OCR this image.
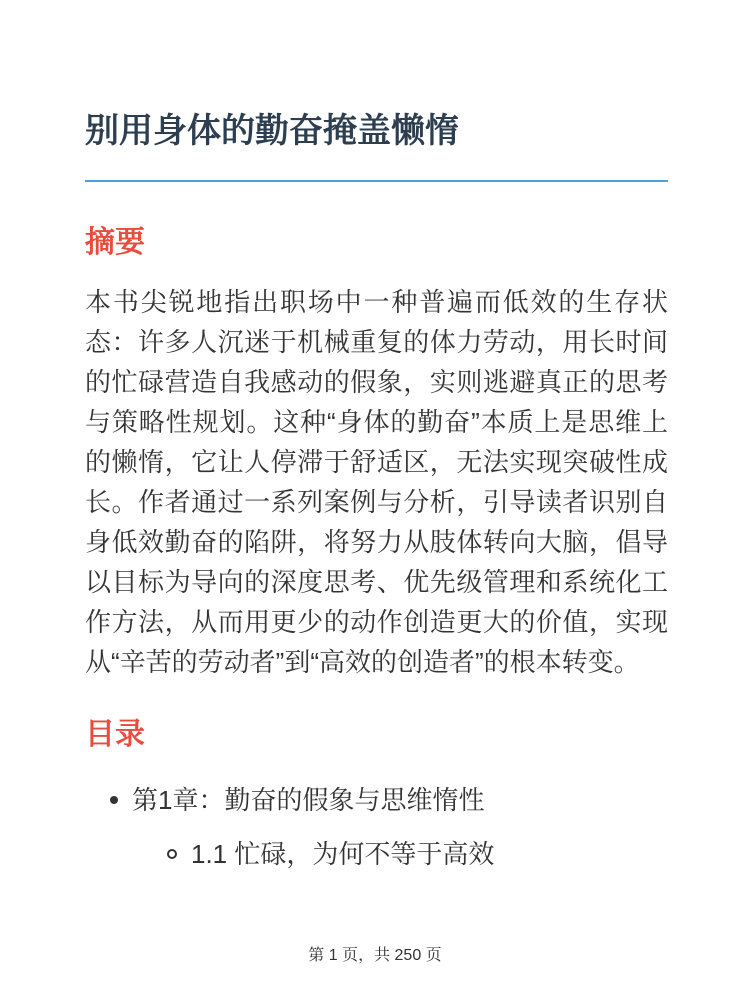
别用身体的勤奋掩盖懒惰
摘要

本书尖锐地指出职场中一种普遍而低效的生存状态：许多人沉迷于机械重复的体力劳动，用长时间的忙碌营造自我感动的假象，实则逃避真正的思考与策略性规划。这种“身体的勤奋”本质上是思维上的懒惰，它让人停滞于舒适区，无法实现突破性成长。作者通过一系列案例与分析，引导读者识别自身低效勤奋的陷阱，将努力从肢体转向大脑，倡导以目标为导向的深度思考、优先级管理和系统化工作方法，从而用更少的动作创造更大的价值，实现从“辛苦的劳动者”到“高效的创造者”的根本转变。

目录
第1章：勤奋的假象与思维惰性
1.1 忙碌，为何不等于高效
第 1 页，共 250 页
